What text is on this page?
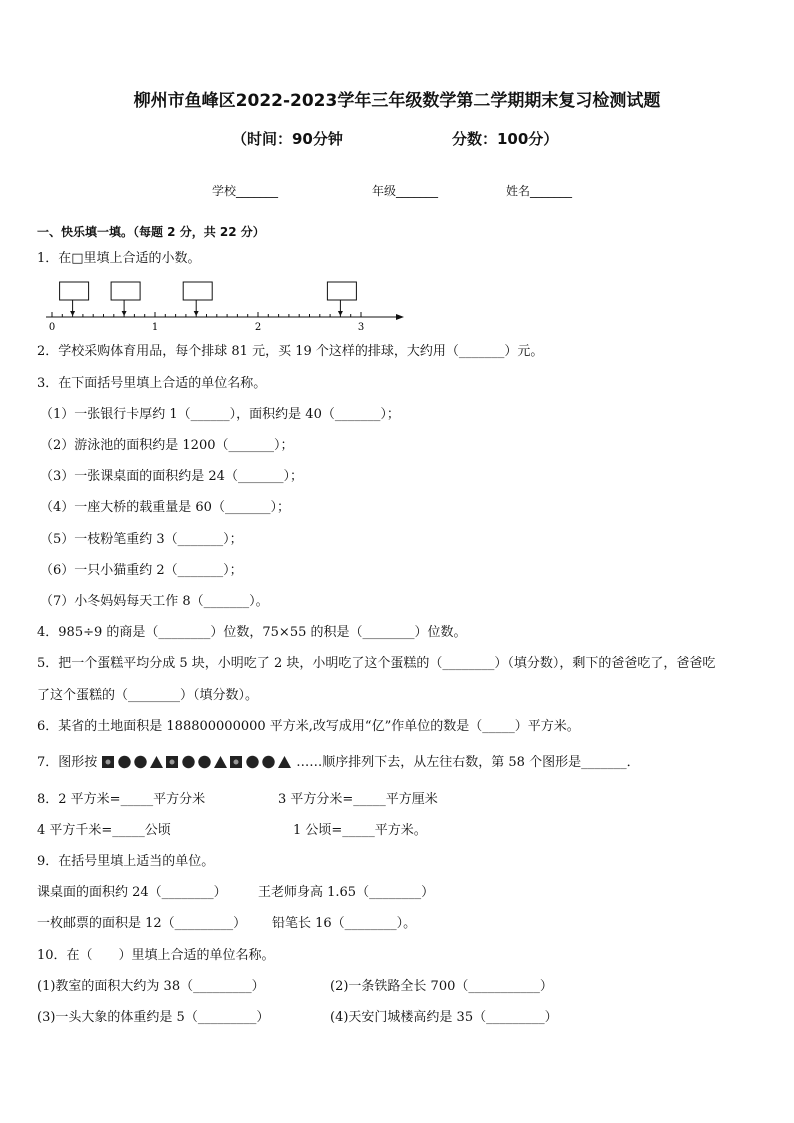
柳州市鱼峰区2022-2023学年三年级数学第二学期期末复习检测试题
（时间：90分钟	分数：100分）
学校_______	年级_______	姓名_______
一、快乐填一填。（每题 2 分，共 22 分）
1．在□里填上合适的小数。
0	1	2	3
2．学校采购体育用品，每个排球 81 元，买 19 个这样的排球，大约用（_______）元。
3．在下面括号里填上合适的单位名称。
（1）一张银行卡厚约 1（______），面积约是 40（_______）；
（2）游泳池的面积约是 1200（_______）；
（3）一张课桌面的面积约是 24（_______）；
（4）一座大桥的载重量是 60（_______）；
（5）一枝粉笔重约 3（_______）；
（6）一只小猫重约 2（_______）；
（7）小冬妈妈每天工作 8（_______）。
4．985÷9 的商是（________）位数，75×55 的积是（________）位数。
5．把一个蛋糕平均分成 5 块，小明吃了 2 块，小明吃了这个蛋糕的（________）（填分数），剩下的爸爸吃了，爸爸吃
了这个蛋糕的（________）（填分数）。
6．某省的土地面积是 188800000000 平方米,改写成用“亿”作单位的数是（_____）平方米。
7．图形按	……顺序排列下去，从左往右数，第 58 个图形是_______．
8．2 平方米=_____平方分米	3 平方分米=_____平方厘米
4 平方千米=_____公顷	1 公顷=_____平方米。
9．在括号里填上适当的单位。
课桌面的面积约 24（________） 王老师身高 1.65（________）
一枚邮票的面积是 12（_________） 铅笔长 16（________）。
10．在（　　）里填上合适的单位名称。
(1)教室的面积大约为 38（_________）	(2)一条铁路全长 700（___________）
(3)一头大象的体重约是 5（_________）	(4)天安门城楼高约是 35（_________）
